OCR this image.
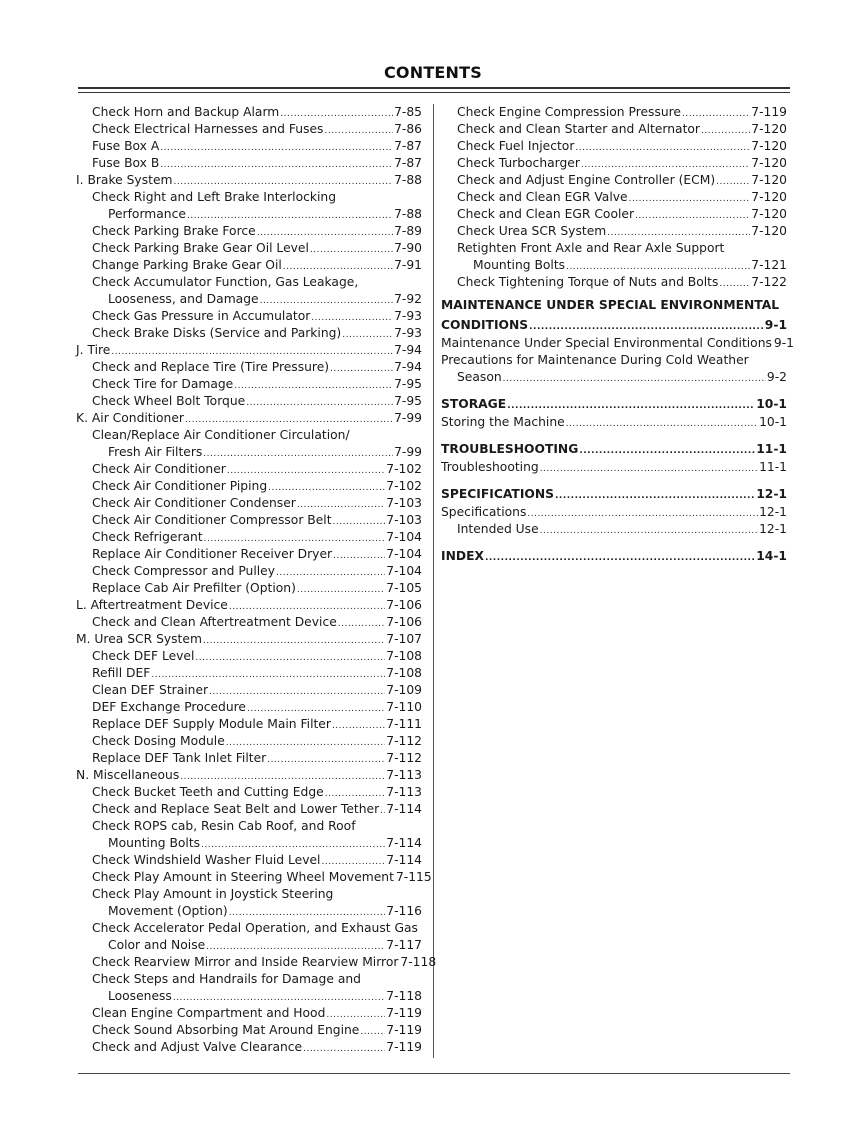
CONTENTS
Check Horn and Backup Alarm .....	7-85
Check Electrical Harnesses and Fuses .....	7-86
Fuse Box A .....	7-87
Fuse Box B .....	7-87
I. Brake System .....	7-88
Check Right and Left Brake Interlocking
Performance .....	7-88
Check Parking Brake Force .....	7-89
Check Parking Brake Gear Oil Level .....	7-90
Change Parking Brake Gear Oil .....	7-91
Check Accumulator Function, Gas Leakage,
Looseness, and Damage .....	7-92
Check Gas Pressure in Accumulator .....	7-93
Check Brake Disks (Service and Parking) .....	7-93
J. Tire .....	7-94
Check and Replace Tire (Tire Pressure) .....	7-94
Check Tire for Damage .....	7-95
Check Wheel Bolt Torque .....	7-95
K. Air Conditioner .....	7-99
Clean/Replace Air Conditioner Circulation/
Fresh Air Filters .....	7-99
Check Air Conditioner .....	7-102
Check Air Conditioner Piping .....	7-102
Check Air Conditioner Condenser .....	7-103
Check Air Conditioner Compressor Belt .....	7-103
Check Refrigerant .....	7-104
Replace Air Conditioner Receiver Dryer .....	7-104
Check Compressor and Pulley .....	7-104
Replace Cab Air Prefilter (Option) .....	7-105
L. Aftertreatment Device .....	7-106
Check and Clean Aftertreatment Device .....	7-106
M. Urea SCR System .....	7-107
Check DEF Level .....	7-108
Refill DEF .....	7-108
Clean DEF Strainer .....	7-109
DEF Exchange Procedure .....	7-110
Replace DEF Supply Module Main Filter .....	7-111
Check Dosing Module .....	7-112
Replace DEF Tank Inlet Filter .....	7-112
N. Miscellaneous .....	7-113
Check Bucket Teeth and Cutting Edge .....	7-113
Check and Replace Seat Belt and Lower Tether ..... 7-114
Check ROPS cab, Resin Cab Roof, and Roof
Mounting Bolts .....	7-114
Check Windshield Washer Fluid Level .....	7-114
Check Play Amount in Steering Wheel Movement 7-115
Check Play Amount in Joystick Steering
Movement (Option) .....	7-116
Check Accelerator Pedal Operation, and Exhaust Gas
Color and Noise .....	7-117
Check Rearview Mirror and Inside Rearview Mirror 7-118
Check Steps and Handrails for Damage and
Looseness .....	7-118
Clean Engine Compartment and Hood .....	7-119
Check Sound Absorbing Mat Around Engine ..... 7-119
Check and Adjust Valve Clearance .....	7-119
Check Engine Compression Pressure .....	7-119
Check and Clean Starter and Alternator .....	7-120
Check Fuel Injector .....	7-120
Check Turbocharger .....	7-120
Check and Adjust Engine Controller (ECM) .....	7-120
Check and Clean EGR Valve .....	7-120
Check and Clean EGR Cooler .....	7-120
Check Urea SCR System .....	7-120
Retighten Front Axle and Rear Axle Support
Mounting Bolts .....	7-121
Check Tightening Torque of Nuts and Bolts .....	7-122
MAINTENANCE UNDER SPECIAL ENVIRONMENTAL
CONDITIONS .....	9-1
Maintenance Under Special Environmental Conditions 9-1
Precautions for Maintenance During Cold Weather
Season .....	9-2
STORAGE .....	10-1
Storing the Machine .....	10-1
TROUBLESHOOTING .....	11-1
Troubleshooting .....	11-1
SPECIFICATIONS .....	12-1
Specifications .....	12-1
Intended Use .....	12-1
INDEX .....	14-1
